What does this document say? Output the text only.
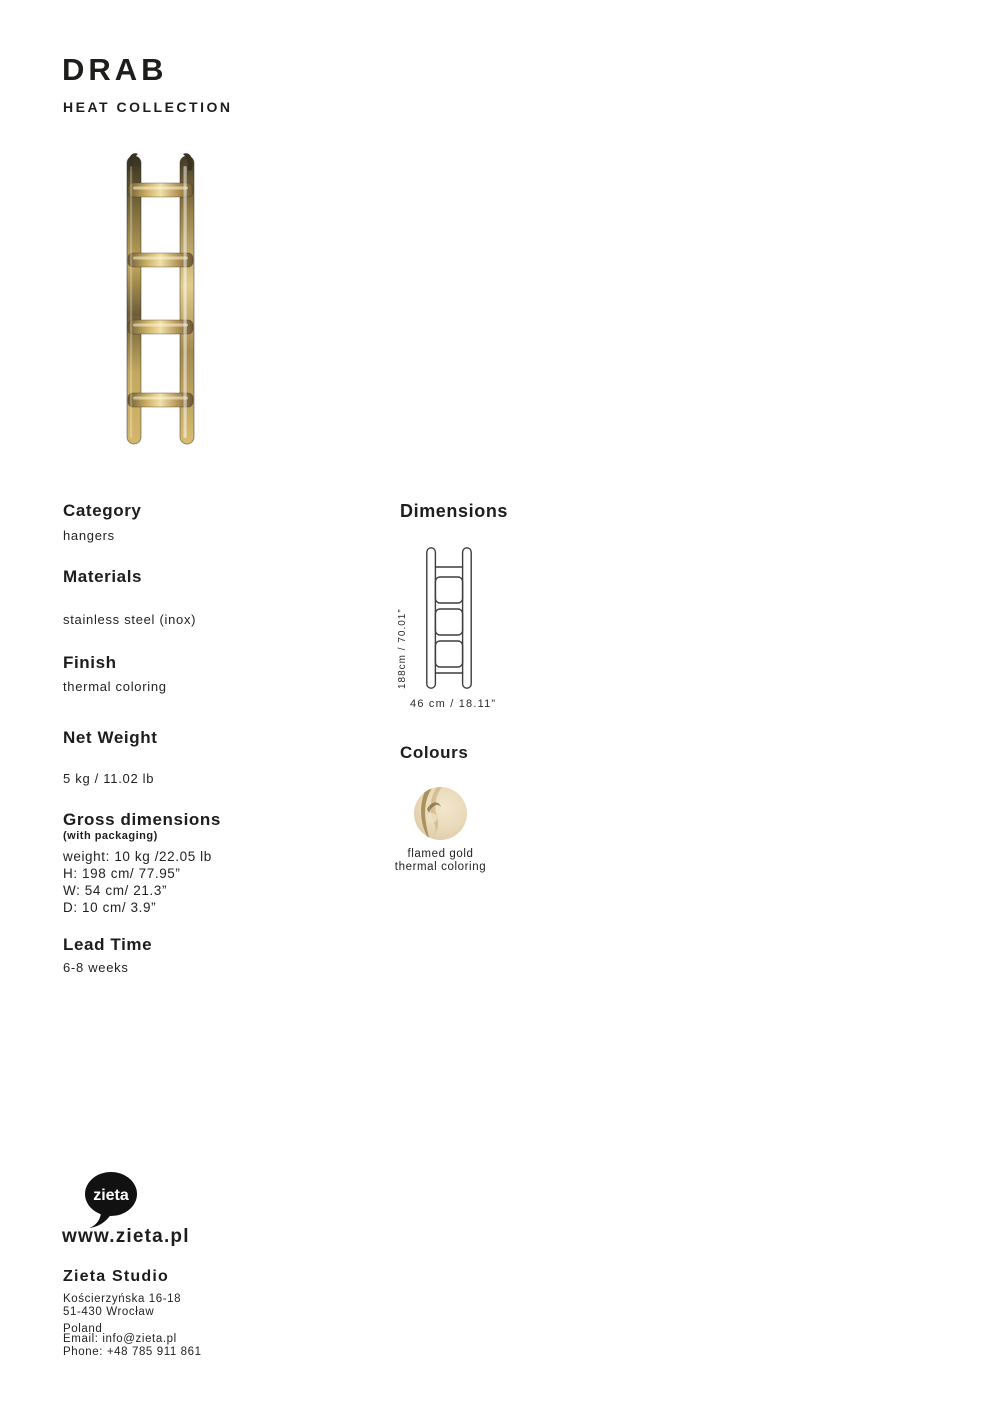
DRAB
HEAT COLLECTION
Category
hangers
Materials
stainless steel (inox)
Finish
thermal coloring
Net Weight
5 kg / 11.02 lb
Gross dimensions
(with packaging)
weight: 10 kg /22.05 lb
H: 198 cm/ 77.95”
W: 54 cm/ 21.3”
D: 10 cm/ 3.9”
Lead Time
6-8 weeks
Dimensions
188cm / 70.01”
46 cm / 18.11”
Colours
flamed gold
thermal coloring
zieta
www.zieta.pl
Zieta Studio
Kościerzyńska 16-18
51-430 Wrocław
Poland
Email: info@zieta.pl
Phone: +48 785 911 861
